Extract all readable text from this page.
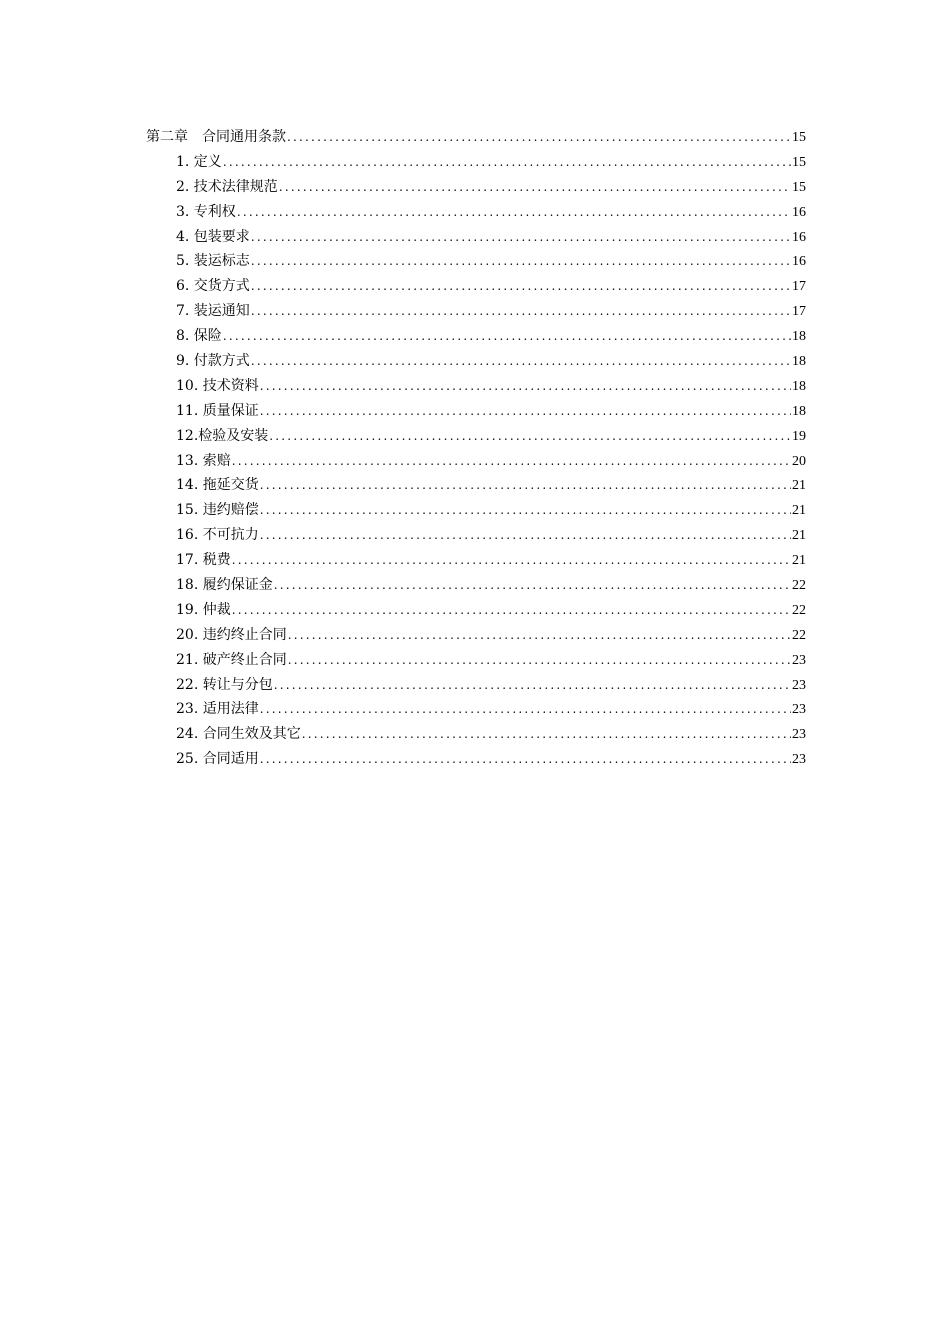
第二章　合同通用条款 .....	15
1. 定义 .....	15
2. 技术法律规范 .....	15
3. 专利权 .....	16
4. 包装要求 .....	16
5. 装运标志 .....	16
6. 交货方式 .....	17
7. 装运通知 .....	17
8. 保险 .....	18
9. 付款方式 .....	18
10. 技术资料 .....	18
11. 质量保证 .....	18
12.检验及安装 .....	19
13. 索赔 .....	20
14. 拖延交货 .....	21
15. 违约赔偿 .....	21
16. 不可抗力 .....	21
17. 税费 .....	21
18. 履约保证金 .....	22
19. 仲裁 .....	22
20. 违约终止合同 .....	22
21. 破产终止合同 .....	23
22. 转让与分包 .....	23
23. 适用法律 .....	23
24. 合同生效及其它 .....	23
25. 合同适用 .....	23
